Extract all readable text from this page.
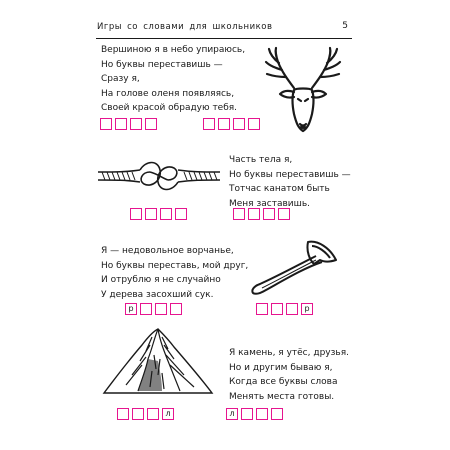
Игры со словами для школьников	5
Вершиною я в небо упираюсь,
Но буквы переставишь —
Сразу я,
На голове оленя появляясь,
Своей красой обрадую тебя.
Часть тела я,
Но буквы переставишь —
Тотчас канатом быть
Меня заставишь.
Я — недовольное ворчанье,
Но буквы переставь, мой друг,
И отрублю я не случайно
У дерева засохший сук.
р	р
Я камень, я утёс, друзья.
Но и другим бываю я,
Когда все буквы слова
Менять места готовы.
л	л
